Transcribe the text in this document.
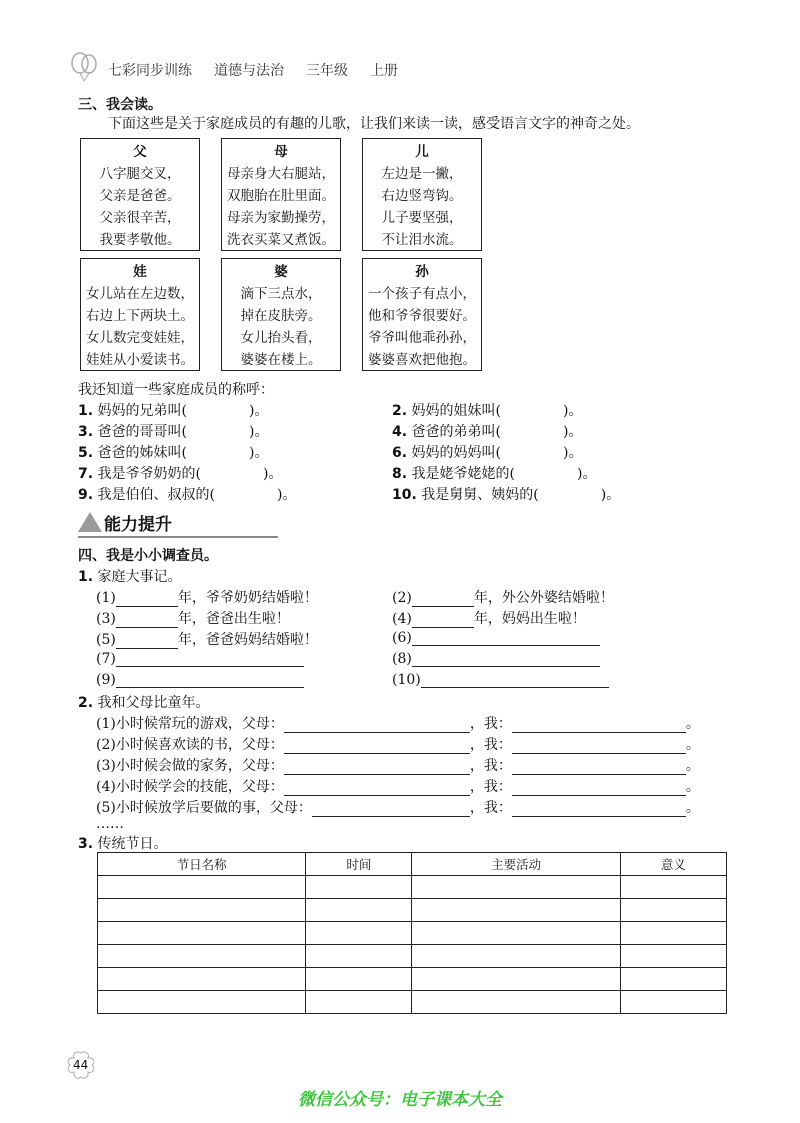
七彩同步训练 道德与法治 三年级 上册
三、我会读。
下面这些是关于家庭成员的有趣的儿歌，让我们来读一读，感受语言文字的神奇之处。
父
八字腿交叉，
父亲是爸爸。
父亲很辛苦，
我要孝敬他。
母
母亲身大右腿站，
双胞胎在肚里面。
母亲为家勤操劳，
洗衣买菜又煮饭。
儿
左边是一撇，
右边竖弯钩。
儿子要坚强，
不让泪水流。
娃
女儿站在左边数，
右边上下两块土。
女儿数完变娃娃，
娃娃从小爱读书。
婆
滴下三点水，
掉在皮肤旁。
女儿抬头看，
婆婆在楼上。
孙
一个孩子有点小，
他和爷爷很要好。
爷爷叫他乖孙孙，
婆婆喜欢把他抱。
我还知道一些家庭成员的称呼：
1. 妈妈的兄弟叫(	)。	2. 妈妈的姐妹叫(	)。
3. 爸爸的哥哥叫(	)。	4. 爸爸的弟弟叫(	)。
5. 爸爸的姊妹叫(	)。	6. 妈妈的妈妈叫(	)。
7. 我是爷爷奶奶的(	)。	8. 我是姥爷姥姥的(	)。
9. 我是伯伯、叔叔的(	)。	10. 我是舅舅、姨妈的(	)。
能力提升
四、我是小小调查员。
1. 家庭大事记。
(1)	年，爷爷奶奶结婚啦！	(2)	年，外公外婆结婚啦！
(3)	年，爸爸出生啦！	(4)	年，妈妈出生啦！
(5)	年，爸爸妈妈结婚啦！	(6)
(7)	(8)
(9)	(10)
2. 我和父母比童年。
(1)小时候常玩的游戏，父母：	，我：	。
(2)小时候喜欢读的书，父母：	，我：	。
(3)小时候会做的家务，父母：	，我：	。
(4)小时候学会的技能，父母：	，我：	。
(5)小时候放学后要做的事，父母：	，我：	。
……
3. 传统节日。
节日名称	时间	主要活动	意义

44
微信公众号：电子课本大全
